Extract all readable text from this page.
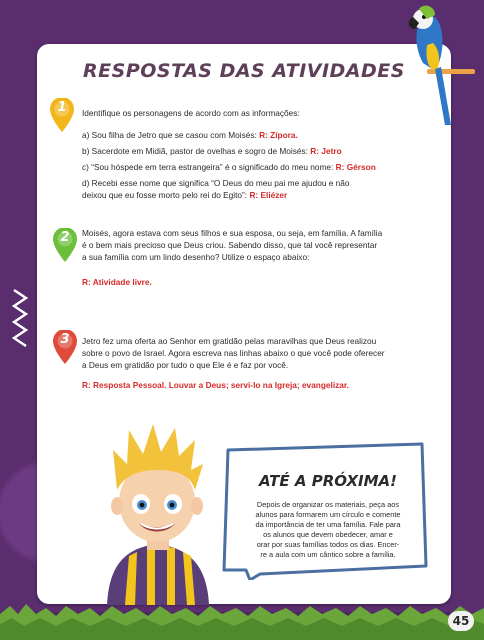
RESPOSTAS DAS ATIVIDADES
1	Identifique os personagens de acordo com as informações:
a) Sou filha de Jetro que se casou com Moisés: R: Zípora.
b) Sacerdote em Midiã, pastor de ovelhas e sogro de Moisés: R: Jetro
c) “Sou hóspede em terra estrangeira” é o significado do meu nome: R: Gérson
d) Recebi esse nome que significa “O Deus do meu pai me ajudou e não
deixou que eu fosse morto pelo rei do Egito”: R: Eliézer
2	Moisés, agora estava com seus filhos e sua esposa, ou seja, em família. A família
é o bem mais precioso que Deus criou. Sabendo disso, que tal você representar
a sua família com um lindo desenho? Utilize o espaço abaixo:
R: Atividade livre.
3	Jetro fez uma oferta ao Senhor em gratidão pelas maravilhas que Deus realizou
sobre o povo de Israel. Agora escreva nas linhas abaixo o que você pode oferecer
a Deus em gratidão por tudo o que Ele é e faz por você.
R: Resposta Pessoal. Louvar a Deus; servi-lo na Igreja; evangelizar.
ATÉ A PRÓXIMA!
Depois de organizar os materiais, peça aos
alunos para formarem um círculo e comente
da importância de ter uma família. Fale para
os alunos que devem obedecer, amar e
orar por suas famílias todos os dias. Encer-
re a aula com um cântico sobre a família.
45
